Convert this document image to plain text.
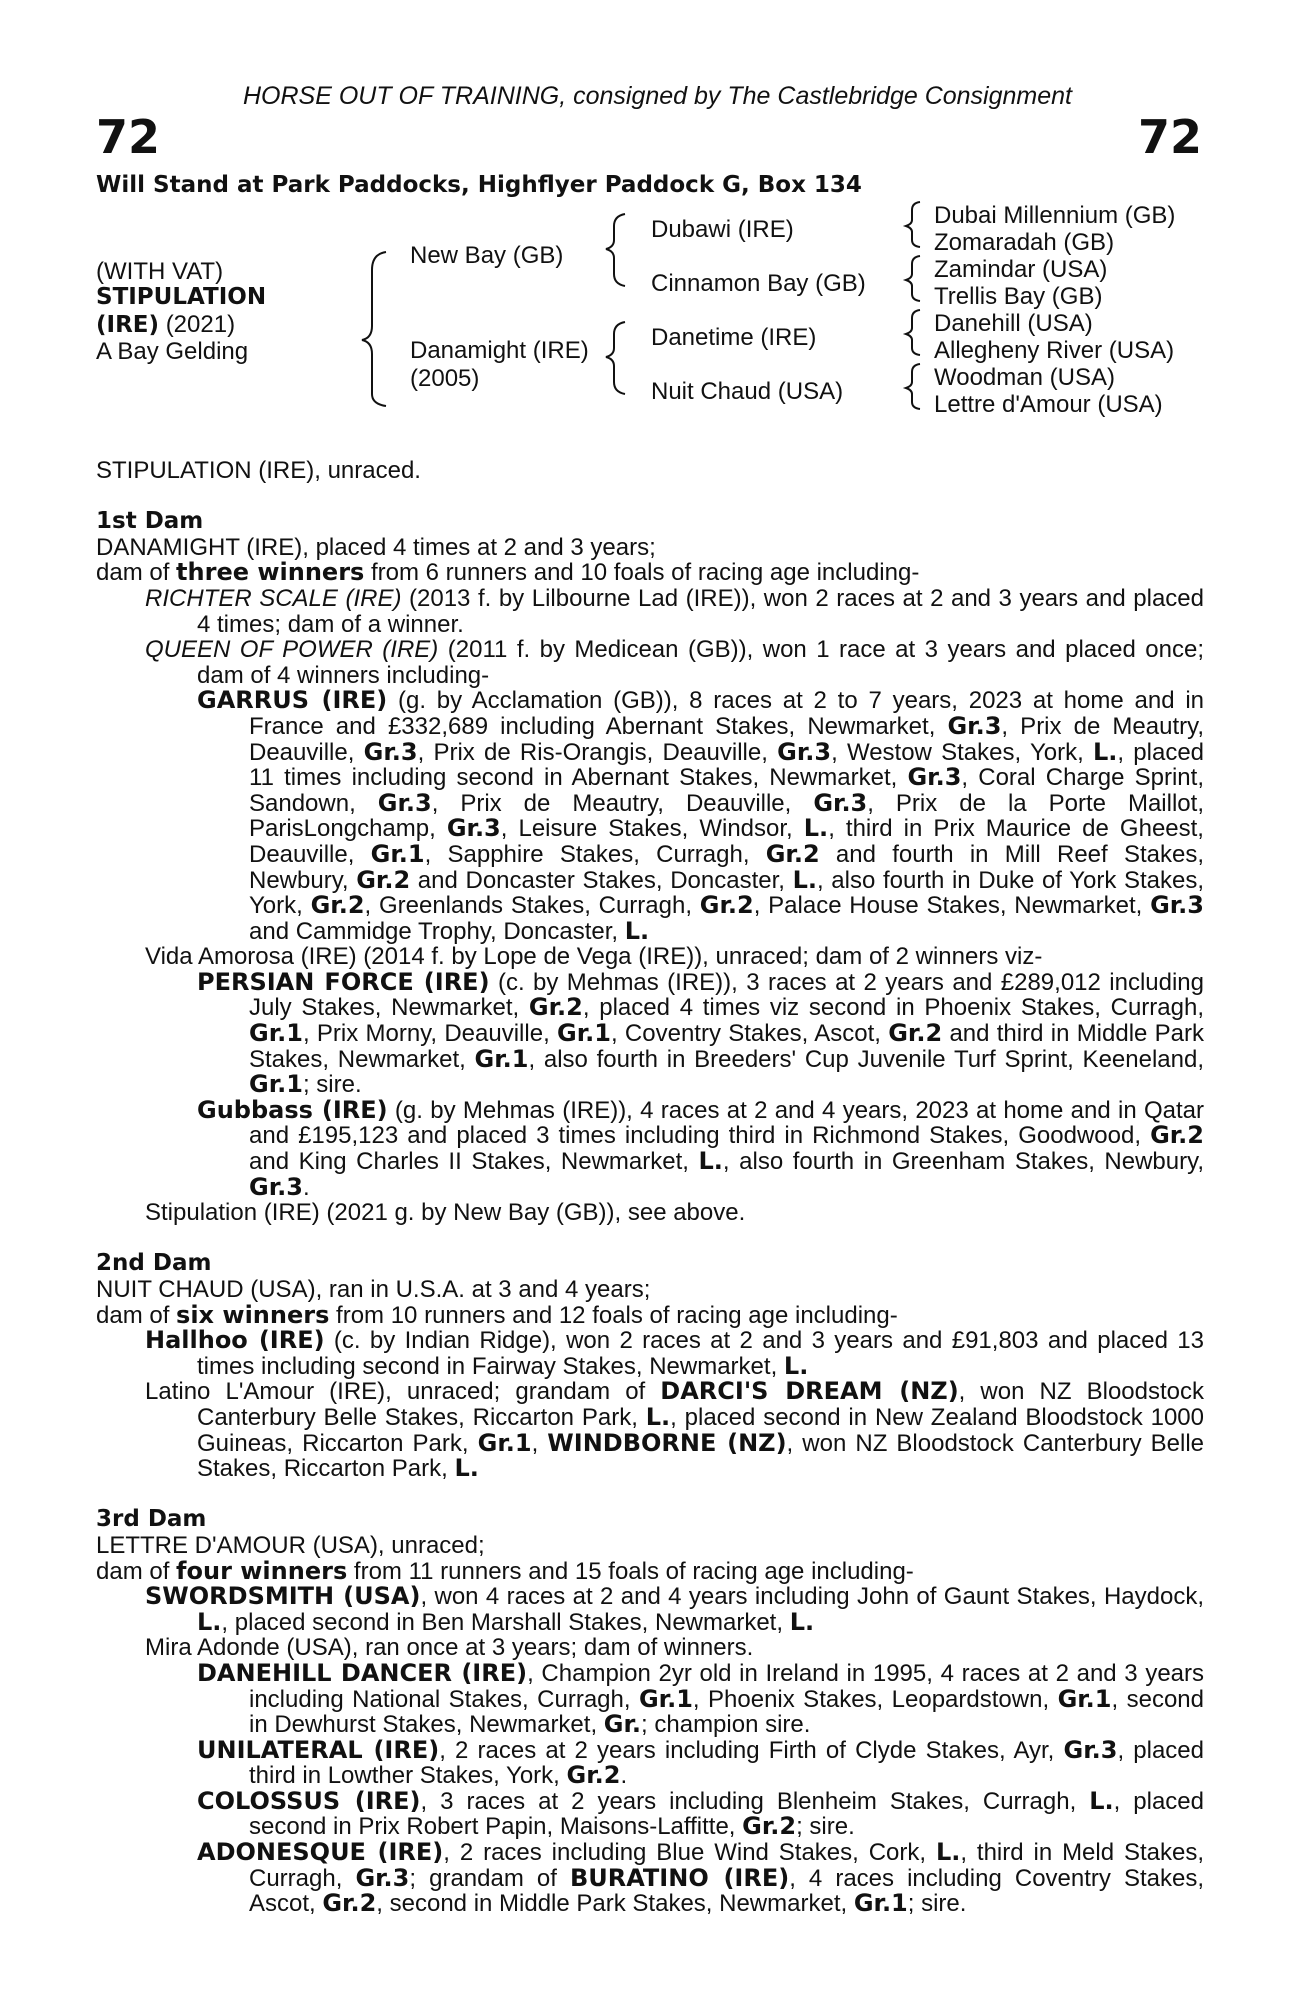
72	72
HORSE OUT OF TRAINING, consigned by The Castlebridge Consignment
Will Stand at Park Paddocks, Highflyer Paddock G, Box 134
(WITH VAT)
STIPULATION
(IRE) (2021)
A Bay Gelding
New Bay (GB)
Danamight (IRE)
(2005)
Dubawi (IRE)
Cinnamon Bay (GB)
Danetime (IRE)
Nuit Chaud (USA)
Dubai Millennium (GB)
Zomaradah (GB)
Zamindar (USA)
Trellis Bay (GB)
Danehill (USA)
Allegheny River (USA)
Woodman (USA)
Lettre d'Amour (USA)
STIPULATION (IRE), unraced.
1st Dam
DANAMIGHT (IRE), placed 4 times at 2 and 3 years;
dam of three winners from 6 runners and 10 foals of racing age including-
RICHTER SCALE (IRE) (2013 f. by Lilbourne Lad (IRE)), won 2 races at 2 and 3 years and placed 4 times; dam of a winner.
QUEEN OF POWER (IRE) (2011 f. by Medicean (GB)), won 1 race at 3 years and placed once; dam of 4 winners including-
GARRUS (IRE) (g. by Acclamation (GB)), 8 races at 2 to 7 years, 2023 at home and in France and £332,689 including Abernant Stakes, Newmarket, Gr.3, Prix de Meautry, Deauville, Gr.3, Prix de Ris-Orangis, Deauville, Gr.3, Westow Stakes, York, L., placed 11 times including second in Abernant Stakes, Newmarket, Gr.3, Coral Charge Sprint, Sandown, Gr.3, Prix de Meautry, Deauville, Gr.3, Prix de la Porte Maillot, ParisLongchamp, Gr.3, Leisure Stakes, Windsor, L., third in Prix Maurice de Gheest, Deauville, Gr.1, Sapphire Stakes, Curragh, Gr.2 and fourth in Mill Reef Stakes, Newbury, Gr.2 and Doncaster Stakes, Doncaster, L., also fourth in Duke of York Stakes, York, Gr.2, Greenlands Stakes, Curragh, Gr.2, Palace House Stakes, Newmarket, Gr.3 and Cammidge Trophy, Doncaster, L.
Vida Amorosa (IRE) (2014 f. by Lope de Vega (IRE)), unraced; dam of 2 winners viz-
PERSIAN FORCE (IRE) (c. by Mehmas (IRE)), 3 races at 2 years and £289,012 including July Stakes, Newmarket, Gr.2, placed 4 times viz second in Phoenix Stakes, Curragh, Gr.1, Prix Morny, Deauville, Gr.1, Coventry Stakes, Ascot, Gr.2 and third in Middle Park Stakes, Newmarket, Gr.1, also fourth in Breeders' Cup Juvenile Turf Sprint, Keeneland, Gr.1; sire.
Gubbass (IRE) (g. by Mehmas (IRE)), 4 races at 2 and 4 years, 2023 at home and in Qatar and £195,123 and placed 3 times including third in Richmond Stakes, Goodwood, Gr.2 and King Charles II Stakes, Newmarket, L., also fourth in Greenham Stakes, Newbury, Gr.3.
Stipulation (IRE) (2021 g. by New Bay (GB)), see above.
2nd Dam
NUIT CHAUD (USA), ran in U.S.A. at 3 and 4 years;
dam of six winners from 10 runners and 12 foals of racing age including-
Hallhoo (IRE) (c. by Indian Ridge), won 2 races at 2 and 3 years and £91,803 and placed 13 times including second in Fairway Stakes, Newmarket, L.
Latino L'Amour (IRE), unraced; grandam of DARCI'S DREAM (NZ), won NZ Bloodstock Canterbury Belle Stakes, Riccarton Park, L., placed second in New Zealand Bloodstock 1000 Guineas, Riccarton Park, Gr.1, WINDBORNE (NZ), won NZ Bloodstock Canterbury Belle Stakes, Riccarton Park, L.
3rd Dam
LETTRE D'AMOUR (USA), unraced;
dam of four winners from 11 runners and 15 foals of racing age including-
SWORDSMITH (USA), won 4 races at 2 and 4 years including John of Gaunt Stakes, Haydock, L., placed second in Ben Marshall Stakes, Newmarket, L.
Mira Adonde (USA), ran once at 3 years; dam of winners.
DANEHILL DANCER (IRE), Champion 2yr old in Ireland in 1995, 4 races at 2 and 3 years including National Stakes, Curragh, Gr.1, Phoenix Stakes, Leopardstown, Gr.1, second in Dewhurst Stakes, Newmarket, Gr.; champion sire.
UNILATERAL (IRE), 2 races at 2 years including Firth of Clyde Stakes, Ayr, Gr.3, placed third in Lowther Stakes, York, Gr.2.
COLOSSUS (IRE), 3 races at 2 years including Blenheim Stakes, Curragh, L., placed second in Prix Robert Papin, Maisons-Laffitte, Gr.2; sire.
ADONESQUE (IRE), 2 races including Blue Wind Stakes, Cork, L., third in Meld Stakes, Curragh, Gr.3; grandam of BURATINO (IRE), 4 races including Coventry Stakes, Ascot, Gr.2, second in Middle Park Stakes, Newmarket, Gr.1; sire.
